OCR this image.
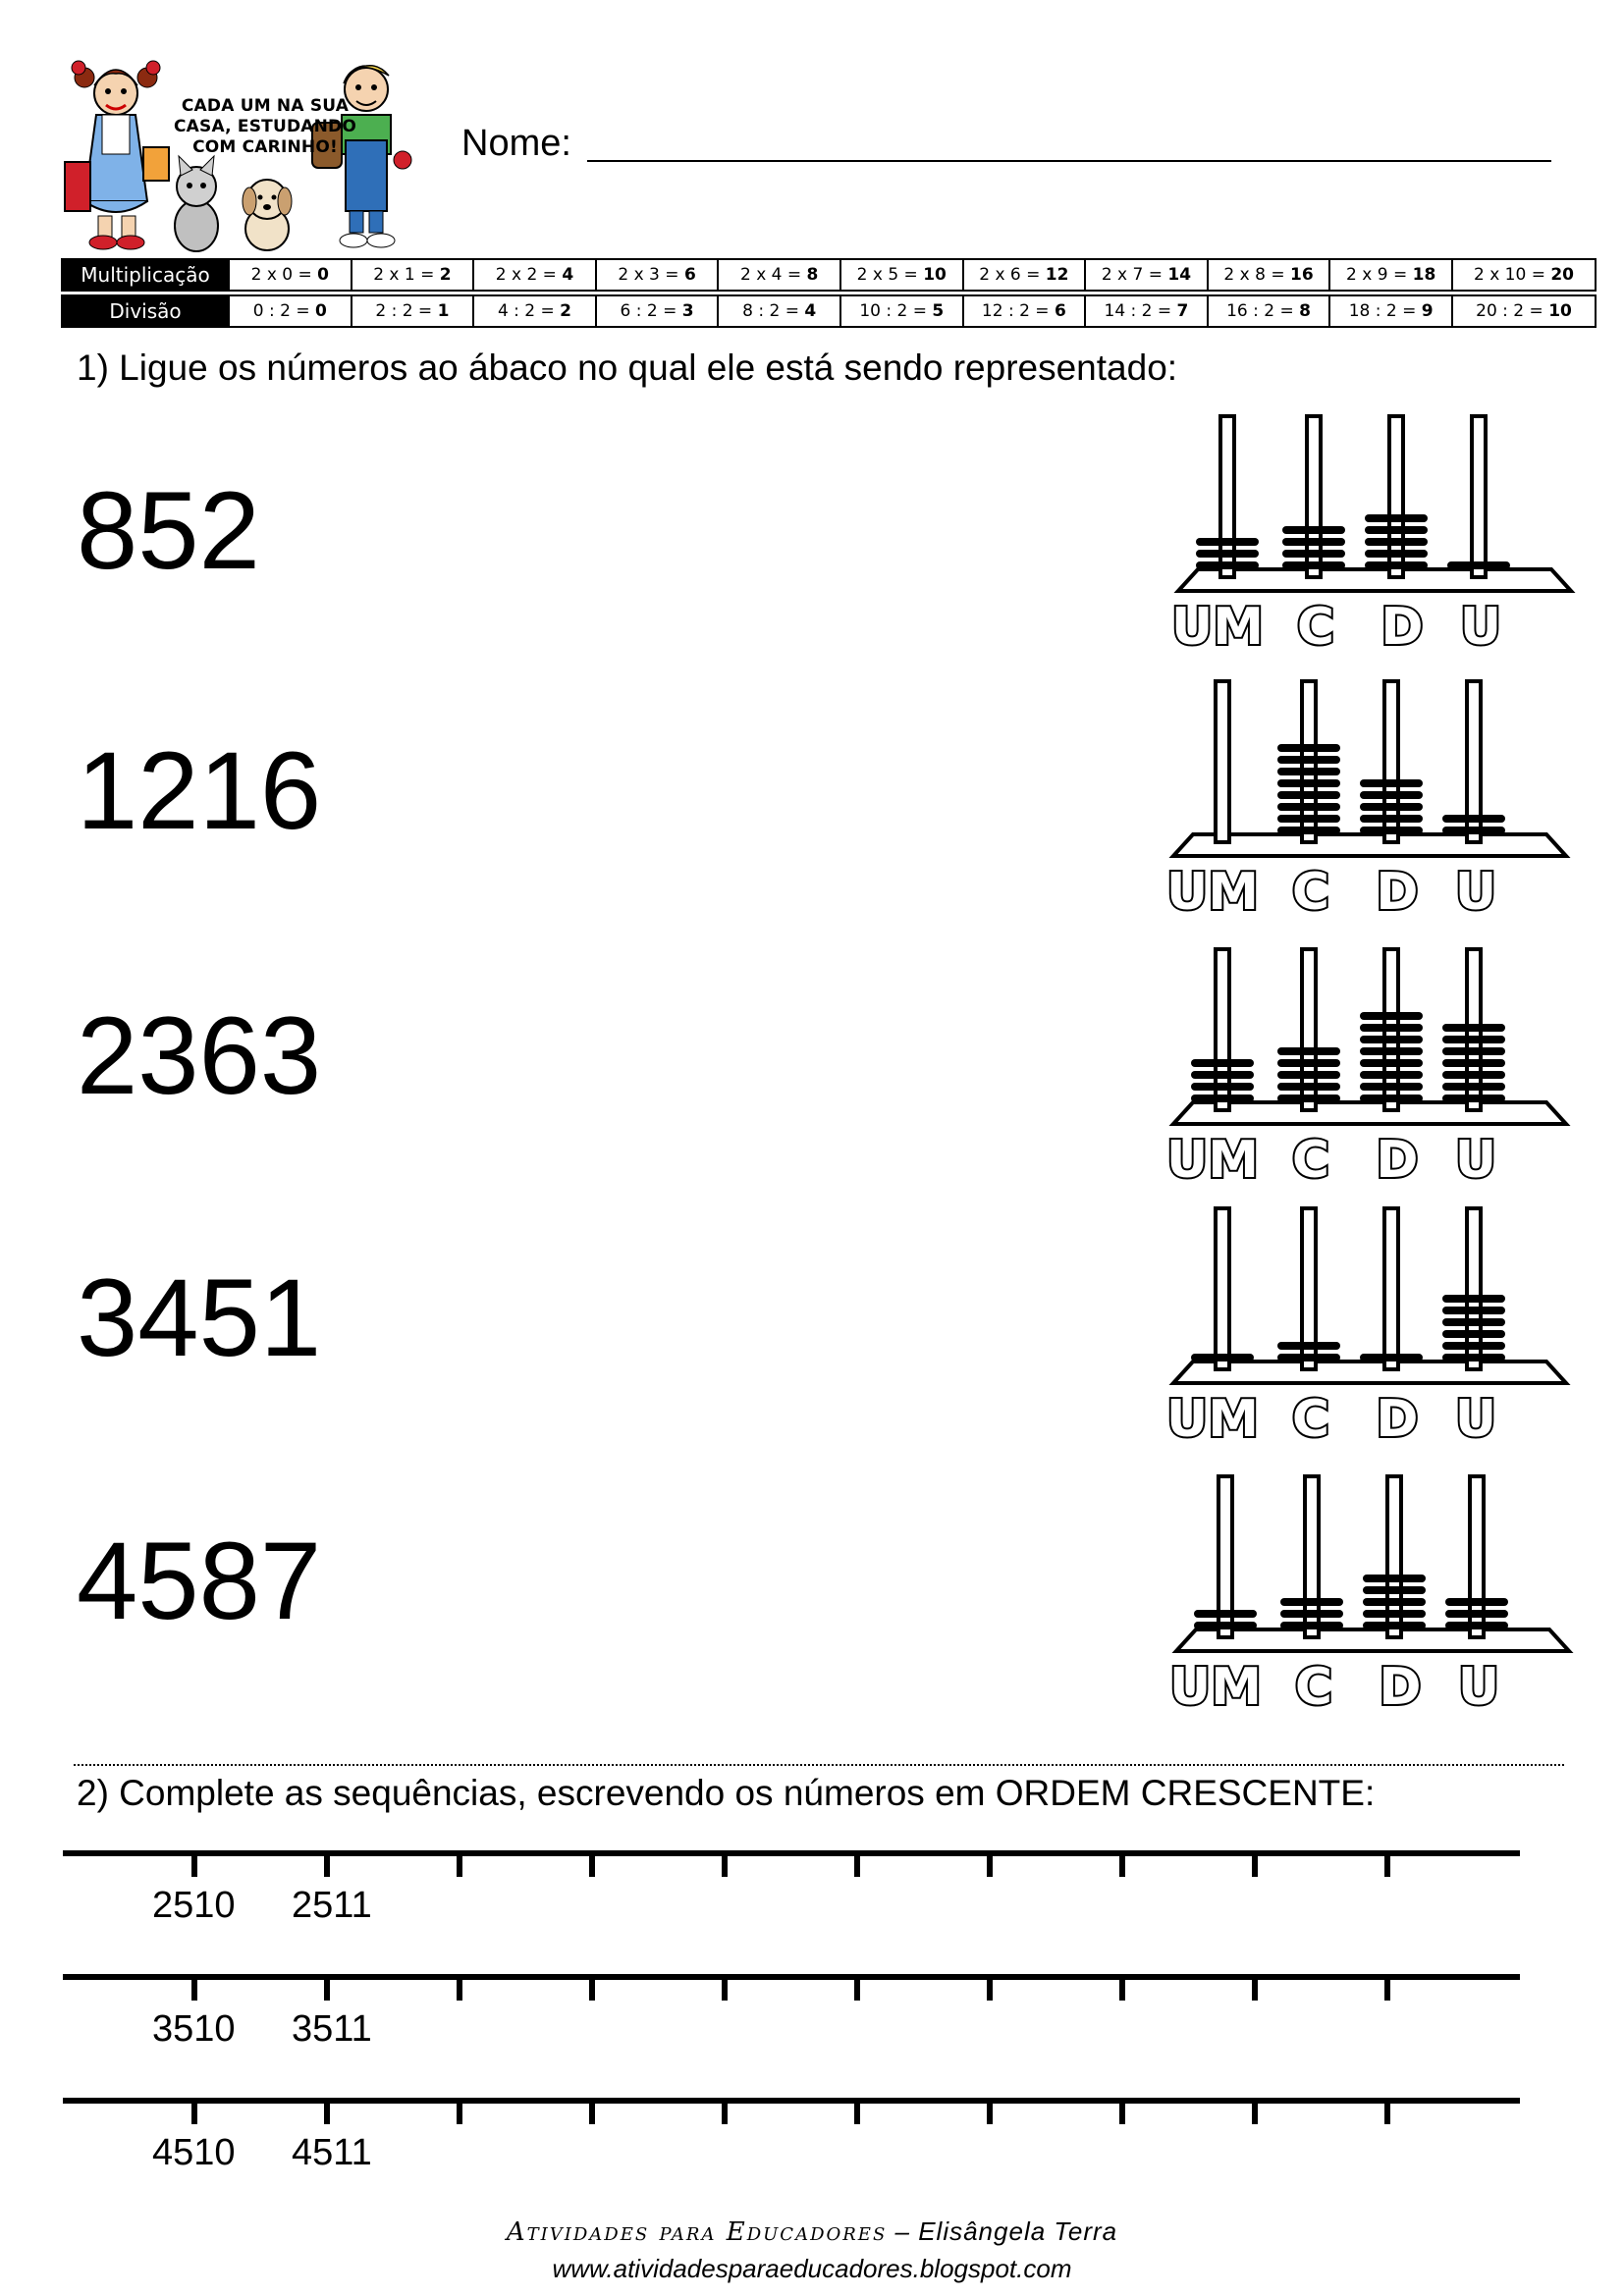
CADA UM NA SUA
CASA, ESTUDANDO
COM CARINHO!	Nome:
Multiplicação	2 x 0 = 0	2 x 1 = 2	2 x 2 = 4	2 x 3 = 6	2 x 4 = 8	2 x 5 = 10	2 x 6 = 12	2 x 7 = 14	2 x 8 = 16	2 x 9 = 18	2 x 10 = 20
Divisão	0 : 2 = 0	2 : 2 = 1	4 : 2 = 2	6 : 2 = 3	8 : 2 = 4	10 : 2 = 5	12 : 2 = 6	14 : 2 = 7	16 : 2 = 8	18 : 2 = 9	20 : 2 = 10
1) Ligue os números ao ábaco no qual ele está sendo representado:
852
1216
2363
3451
4587
UM C D U
UM C D U
UM C D U
UM C D U
UM C D U
2) Complete as sequências, escrevendo os números em ORDEM CRESCENTE:
2510 2511
3510 3511
4510 4511
Atividades para Educadores – Elisângela Terra
www.atividadesparaeducadores.blogspot.com
